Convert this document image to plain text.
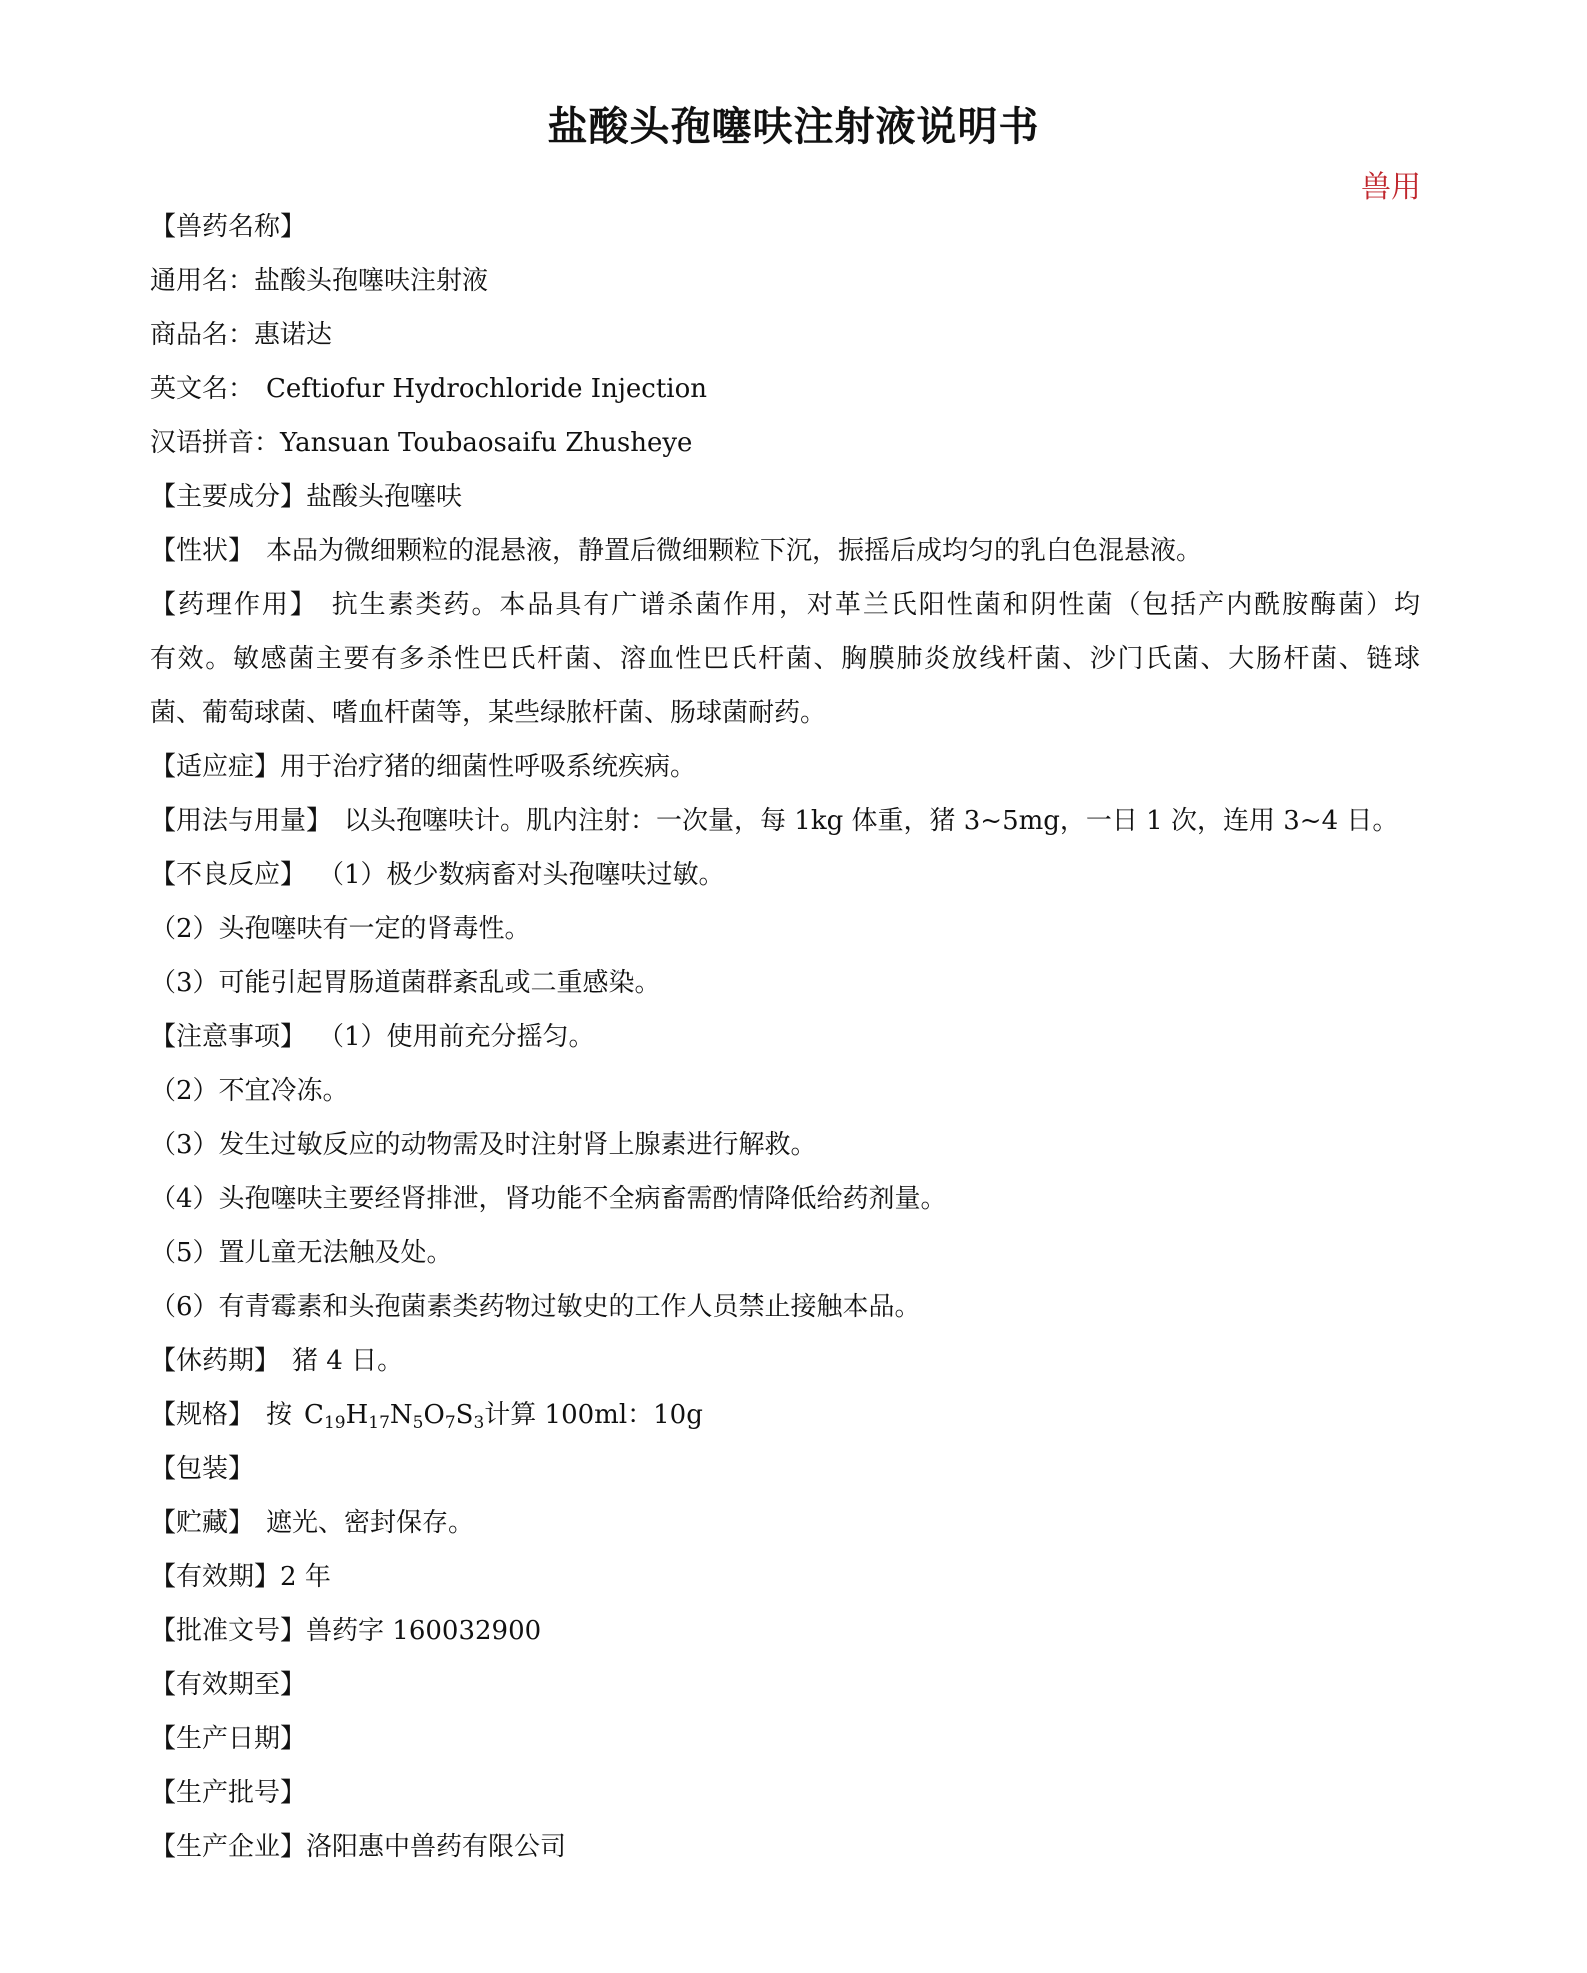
盐酸头孢噻呋注射液说明书
兽用
【兽药名称】
通用名：盐酸头孢噻呋注射液
商品名：惠诺达
英文名： Ceftiofur Hydrochloride Injection
汉语拼音：Yansuan Toubaosaifu Zhusheye
【主要成分】盐酸头孢噻呋
【性状】 本品为微细颗粒的混悬液，静置后微细颗粒下沉，振摇后成均匀的乳白色混悬液。
【药理作用】 抗生素类药。本品具有广谱杀菌作用，对革兰氏阳性菌和阴性菌（包括产内酰胺酶菌）均
有效。敏感菌主要有多杀性巴氏杆菌、溶血性巴氏杆菌、胸膜肺炎放线杆菌、沙门氏菌、大肠杆菌、链球
菌、葡萄球菌、嗜血杆菌等，某些绿脓杆菌、肠球菌耐药。
【适应症】用于治疗猪的细菌性呼吸系统疾病。
【用法与用量】 以头孢噻呋计。肌内注射：一次量，每 1kg 体重，猪 3~5mg，一日 1 次，连用 3~4 日。
【不良反应】 （1）极少数病畜对头孢噻呋过敏。
（2）头孢噻呋有一定的肾毒性。
（3）可能引起胃肠道菌群紊乱或二重感染。
【注意事项】 （1）使用前充分摇匀。
（2）不宜冷冻。
（3）发生过敏反应的动物需及时注射肾上腺素进行解救。
（4）头孢噻呋主要经肾排泄，肾功能不全病畜需酌情降低给药剂量。
（5）置儿童无法触及处。
（6）有青霉素和头孢菌素类药物过敏史的工作人员禁止接触本品。
【休药期】 猪 4 日。
【规格】 按 $C_{19}H_{17}N_5O_7S_3$计算 100ml：10g
【包装】
【贮藏】 遮光、密封保存。
【有效期】2 年
【批准文号】兽药字 160032900
【有效期至】
【生产日期】
【生产批号】
【生产企业】洛阳惠中兽药有限公司
